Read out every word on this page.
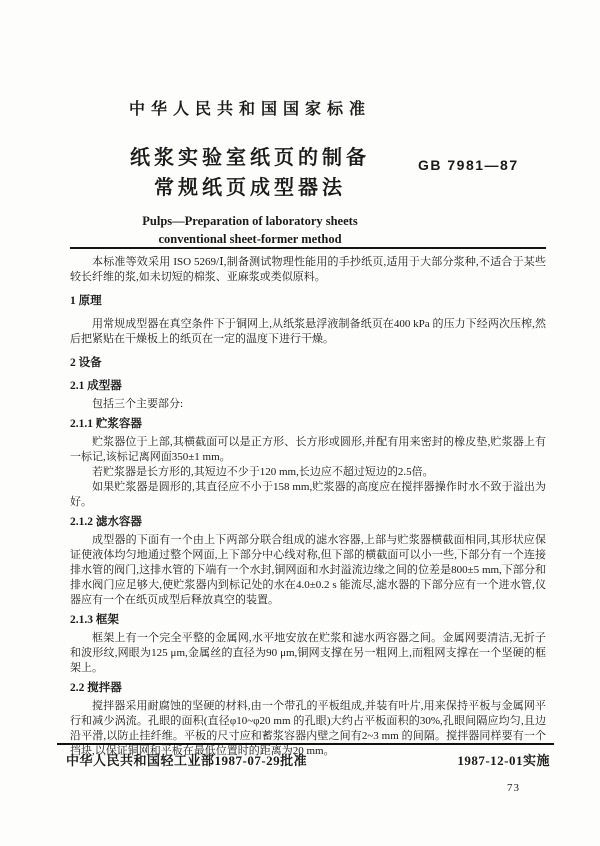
中华人民共和国国家标准
纸浆实验室纸页的制备
常规纸页成型器法
Pulps—Preparation of laboratory sheets
conventional sheet-former method
GB 7981—87

本标准等效采用 ISO 5269/Ⅰ,制备测试物理性能用的手抄纸页,适用于大部分浆种,不适合于某些较长纤维的浆,如未切短的棉浆、亚麻浆或类似原料。

1 原理

用常规成型器在真空条件下于铜网上,从纸浆悬浮液制备纸页在400 kPa 的压力下经两次压榨,然后把紧贴在干燥板上的纸页在一定的温度下进行干燥。

2 设备
2.1 成型器

包括三个主要部分:

2.1.1 贮浆容器

贮浆器位于上部,其横截面可以是正方形、长方形或圆形,并配有用来密封的橡皮垫,贮浆器上有一标记,该标记离网面350±1 mm。

若贮浆器是长方形的,其短边不少于120 mm,长边应不超过短边的2.5倍。

如果贮浆器是圆形的,其直径应不小于158 mm,贮浆器的高度应在搅拌器操作时水不致于溢出为好。

2.1.2 滤水容器

成型器的下面有一个由上下两部分联合组成的滤水容器,上部与贮浆器横截面相同,其形状应保证使液体均匀地通过整个网面,上下部分中心线对称,但下部的横截面可以小一些,下部分有一个连接排水管的阀门,这排水管的下端有一个水封,铜网面和水封溢流边缘之间的位差是800±5 mm,下部分和排水阀门应足够大,使贮浆器内到标记处的水在4.0±0.2 s 能流尽,滤水器的下部分应有一个进水管,仪器应有一个在纸页成型后释放真空的装置。

2.1.3 框架

框架上有一个完全平整的金属网,水平地安放在贮浆和滤水两容器之间。金属网要清洁,无折子和波形纹,网眼为125 μm,金属丝的直径为90 μm,铜网支撑在另一粗网上,而粗网支撑在一个坚硬的框架上。

2.2 搅拌器

搅拌器采用耐腐蚀的坚硬的材料,由一个带孔的平板组成,并装有叶片,用来保持平板与金属网平行和减少涡流。孔眼的面积(直径φ10~φ20 mm 的孔眼)大约占平板面积的30%,孔眼间隔应均匀,且边沿平滑,以防止挂纤维。平板的尺寸应和蓄浆容器内壁之间有2~3 mm 的间隔。搅拌器同样要有一个挡块,以保证铜网和平板在最低位置时的距离为20 mm。

中华人民共和国轻工业部1987-07-29批准	1987-12-01实施
73
